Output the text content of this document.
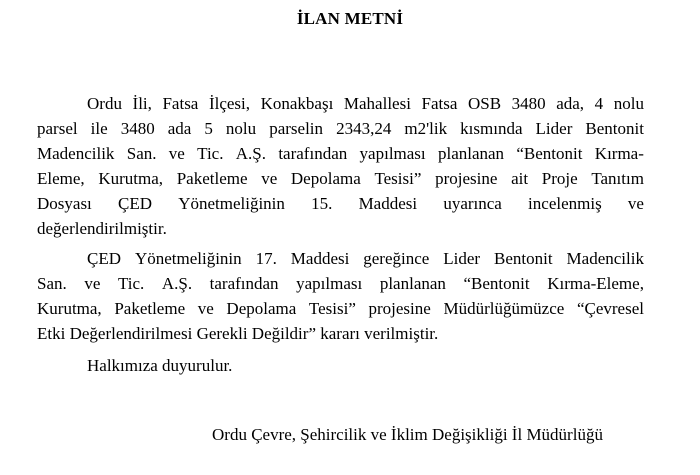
İLAN METNİ
Ordu İli, Fatsa İlçesi, Konakbaşı Mahallesi Fatsa OSB 3480 ada, 4 nolu
parsel ile 3480 ada 5 nolu parselin 2343,24 m2'lik kısmında Lider Bentonit
Madencilik San. ve Tic. A.Ş. tarafından yapılması planlanan “Bentonit Kırma-
Eleme, Kurutma, Paketleme ve Depolama Tesisi” projesine ait Proje Tanıtım
Dosyası ÇED Yönetmeliğinin 15. Maddesi uyarınca incelenmiş ve
değerlendirilmiştir.
ÇED Yönetmeliğinin 17. Maddesi gereğince Lider Bentonit Madencilik
San. ve Tic. A.Ş. tarafından yapılması planlanan “Bentonit Kırma-Eleme,
Kurutma, Paketleme ve Depolama Tesisi” projesine Müdürlüğümüzce “Çevresel
Etki Değerlendirilmesi Gerekli Değildir” kararı verilmiştir.
Halkımıza duyurulur.
Ordu Çevre, Şehircilik ve İklim Değişikliği İl Müdürlüğü
